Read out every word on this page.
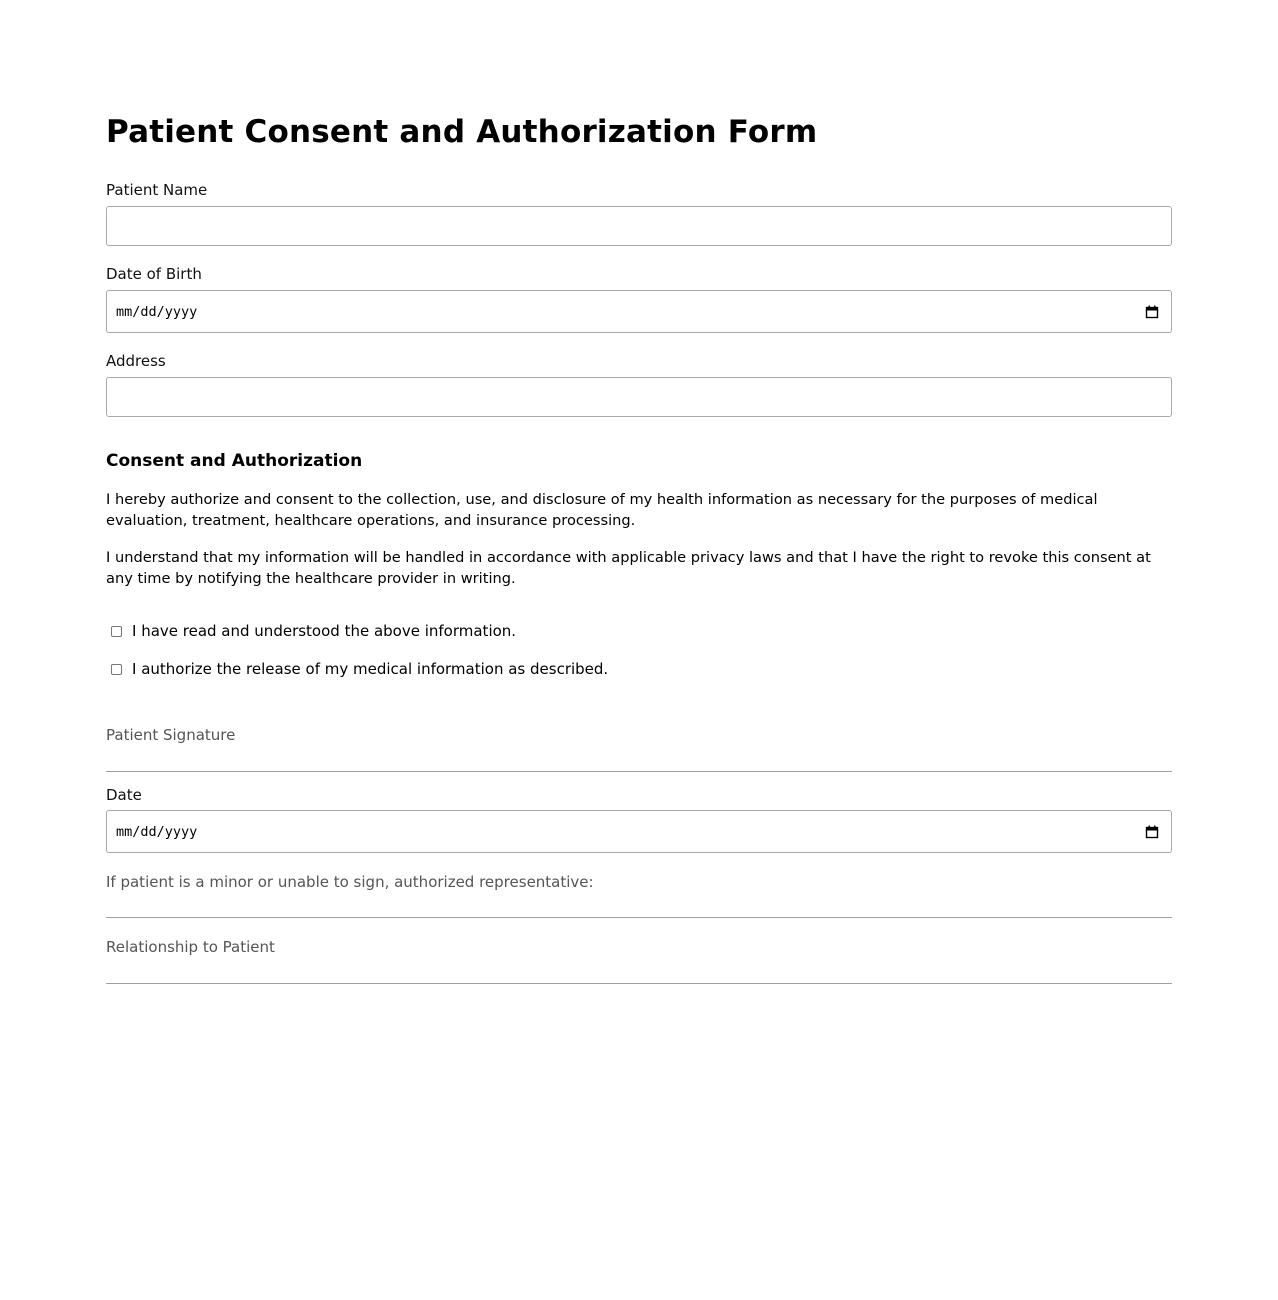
Patient Consent and Authorization Form
Patient Name
Date of Birth
mm/dd/yyyy
Address
Consent and Authorization

I hereby authorize and consent to the collection, use, and disclosure of my health information as necessary for the purposes of medical evaluation, treatment, healthcare operations, and insurance processing.

I understand that my information will be handled in accordance with applicable privacy laws and that I have the right to revoke this consent at any time by notifying the healthcare provider in writing.

I have read and understood the above information.
I authorize the release of my medical information as described.
Patient Signature
Date
mm/dd/yyyy
If patient is a minor or unable to sign, authorized representative:
Relationship to Patient
